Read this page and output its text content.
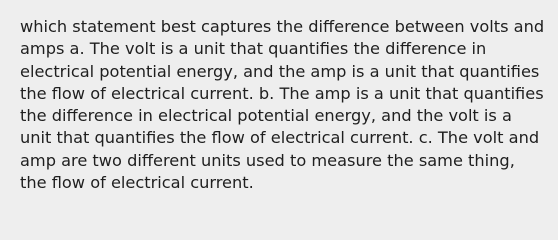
which statement best captures the difference between volts and amps a. The volt is a unit that quantifies the difference in electrical potential energy, and the amp is a unit that quantifies the flow of electrical current. b. The amp is a unit that quantifies the difference in electrical potential energy, and the volt is a unit that quantifies the flow of electrical current. c. The volt and amp are two different units used to measure the same thing, the flow of electrical current.
